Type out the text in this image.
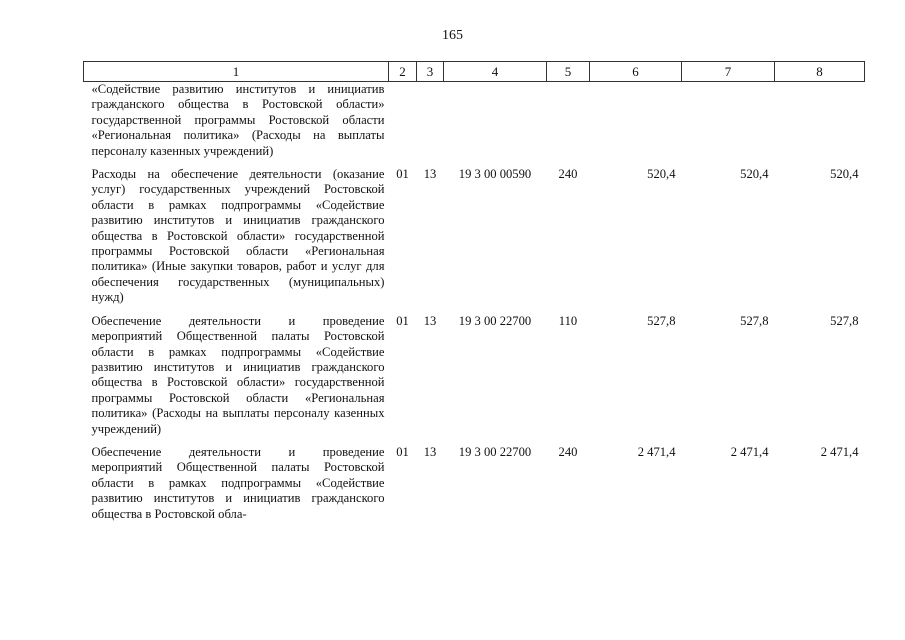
165
1	2	3	4	5	6	7	8
«Содействие развитию институтов и инициатив гражданского общества в Ростовской области» государственной программы Ростовской области «Региональная политика» (Расходы на выплаты персоналу казенных учреждений)							
Расходы на обеспечение деятельности (оказание услуг) государственных учреждений Ростовской области в рамках подпрограммы «Содействие развитию институтов и инициатив гражданского общества в Ростовской области» государственной программы Ростовской области «Региональная политика» (Иные закупки товаров, работ и услуг для обеспечения государственных (муниципальных) нужд)	01	13	19 3 00 00590	240	520,4	520,4	520,4
Обеспечение деятельности и проведение мероприятий Общественной палаты Ростовской области в рамках подпрограммы «Содействие развитию институтов и инициатив гражданского общества в Ростовской области» государственной программы Ростовской области «Региональная политика» (Расходы на выплаты персоналу казенных учреждений)	01	13	19 3 00 22700	110	527,8	527,8	527,8
Обеспечение деятельности и проведение мероприятий Общественной палаты Ростовской области в рамках подпрограммы «Содействие развитию институтов и инициатив гражданского общества в Ростовской обла-	01	13	19 3 00 22700	240	2 471,4	2 471,4	2 471,4
